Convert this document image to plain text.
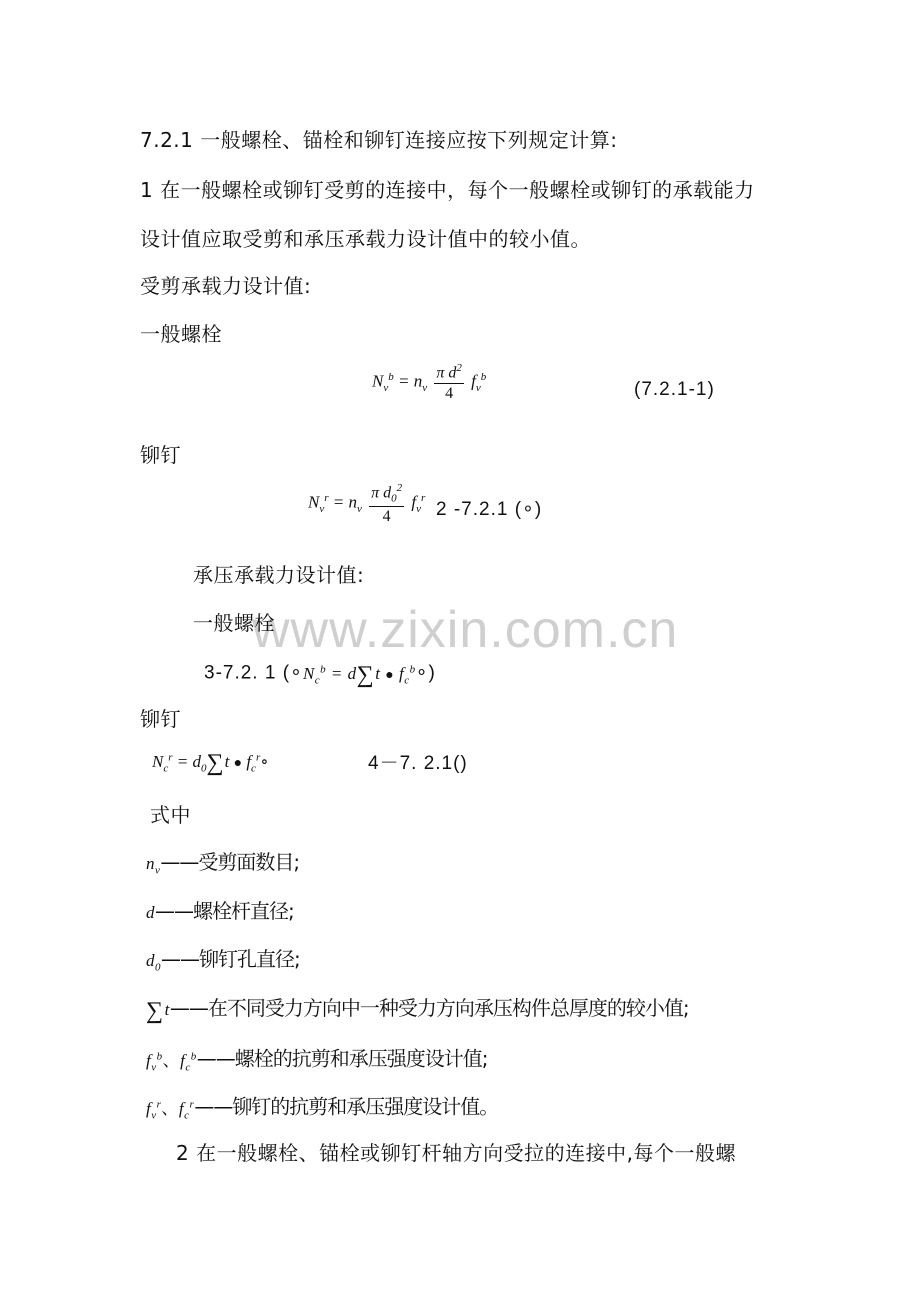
www.zixin.com.cn
7.2.1 一般螺栓、锚栓和铆钉连接应按下列规定计算:
1 在一般螺栓或铆钉受剪的连接中，每个一般螺栓或铆钉的承载能力
设计值应取受剪和承压承载力设计值中的较小值。
受剪承载力设计值:
一般螺栓
$N_v^b = n_v \frac{\pi d^2}{4} f_v^b$
(7.2.1-1)
铆钉
$N_v^r = n_v \frac{\pi d_0^2}{4} f_v^r$
2 -7.2.1 (∘)
承压承载力设计值:
一般螺栓
3-7.2. 1 ($\circ N_c^b = d\sum t$ ● $f_c^b\circ$)
铆钉
$N_c^r = d_0\sum t$ ● $f_c^r\circ$	4－7. 2.1()
式中
$n_v——$受剪面数目;
d——螺栓杆直径;
$d_0——$铆钉孔直径;
∑t——在不同受力方向中一种受力方向承压构件总厚度的较小值;
$f_v^b$、$f_c^b——$螺栓的抗剪和承压强度设计值;
$f_v^r$、$f_c^r——$铆钉的抗剪和承压强度设计值。
2 在一般螺栓、锚栓或铆钉杆轴方向受拉的连接中,每个一般螺
